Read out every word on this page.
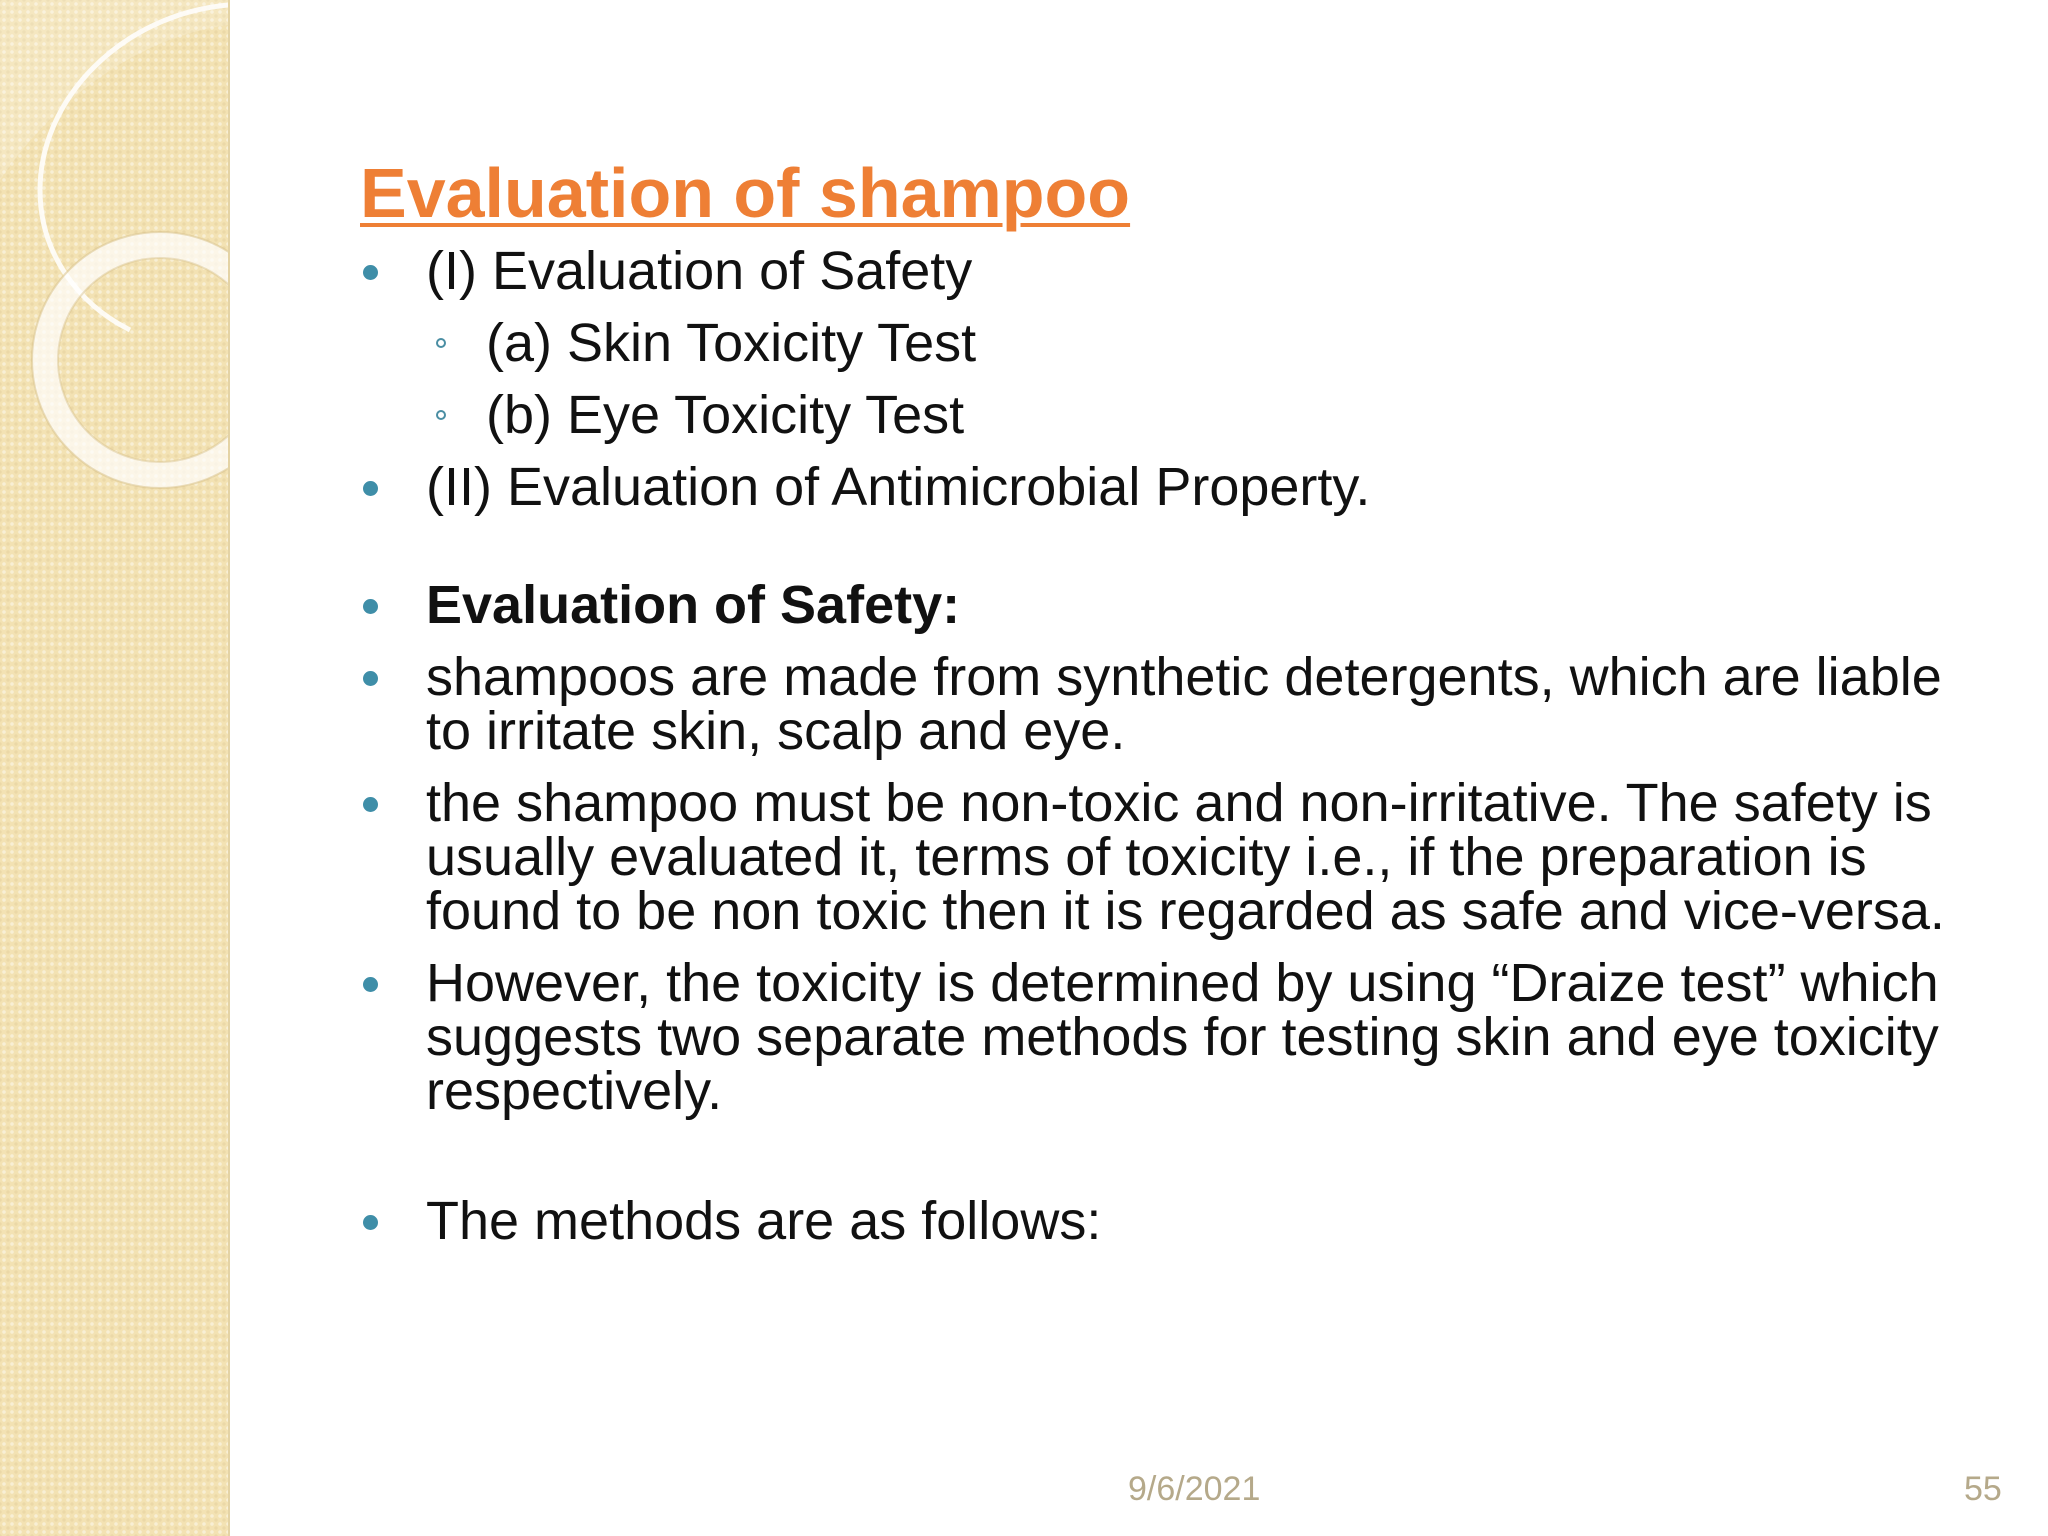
Evaluation of shampoo
(I) Evaluation of Safety
(a) Skin Toxicity Test
(b) Eye Toxicity Test
(II) Evaluation of Antimicrobial Property.
Evaluation of Safety:
shampoos are made from synthetic detergents, which are liable to irritate skin, scalp and eye.
the shampoo must be non-toxic and non-irritative. The safety is usually evaluated it, terms of toxicity i.e., if the preparation is found to be non toxic then it is regarded as safe and vice-versa.
However, the toxicity is determined by using “Draize test” which suggests two separate methods for testing skin and eye toxicity respectively.
The methods are as follows:
9/6/2021	55
